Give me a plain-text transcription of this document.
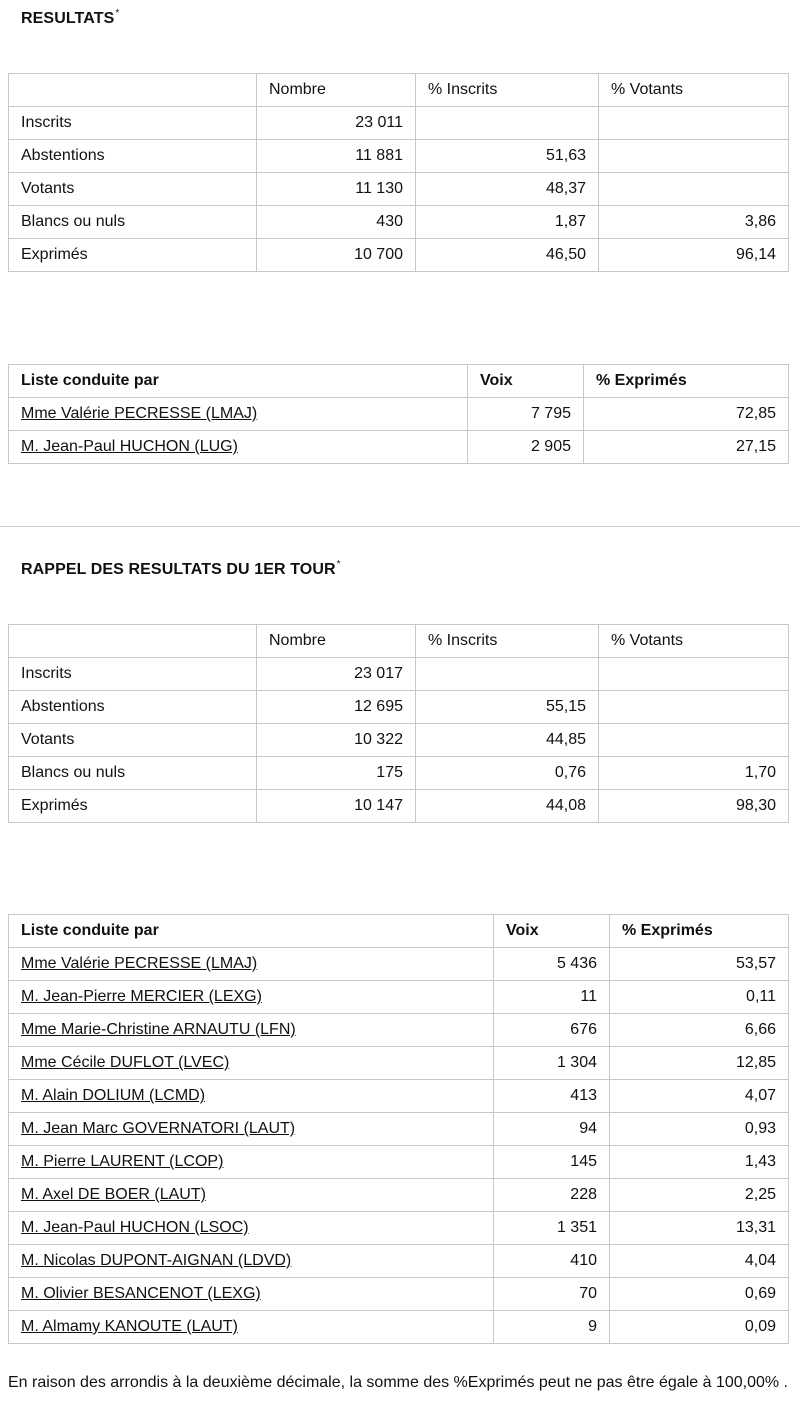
RESULTATS*
	Nombre	% Inscrits	% Votants
Inscrits	23 011		
Abstentions	11 881	51,63	
Votants	11 130	48,37	
Blancs ou nuls	430	1,87	3,86
Exprimés	10 700	46,50	96,14
Liste conduite par	Voix	% Exprimés
Mme Valérie PECRESSE (LMAJ)	7 795	72,85
M. Jean-Paul HUCHON (LUG)	2 905	27,15
RAPPEL DES RESULTATS DU 1ER TOUR*
	Nombre	% Inscrits	% Votants
Inscrits	23 017		
Abstentions	12 695	55,15	
Votants	10 322	44,85	
Blancs ou nuls	175	0,76	1,70
Exprimés	10 147	44,08	98,30
Liste conduite par	Voix	% Exprimés
Mme Valérie PECRESSE (LMAJ)	5 436	53,57
M. Jean-Pierre MERCIER (LEXG)	11	0,11
Mme Marie-Christine ARNAUTU (LFN)	676	6,66
Mme Cécile DUFLOT (LVEC)	1 304	12,85
M. Alain DOLIUM (LCMD)	413	4,07
M. Jean Marc GOVERNATORI (LAUT)	94	0,93
M. Pierre LAURENT (LCOP)	145	1,43
M. Axel DE BOER (LAUT)	228	2,25
M. Jean-Paul HUCHON (LSOC)	1 351	13,31
M. Nicolas DUPONT-AIGNAN (LDVD)	410	4,04
M. Olivier BESANCENOT (LEXG)	70	0,69
M. Almamy KANOUTE (LAUT)	9	0,09

En raison des arrondis à la deuxième décimale, la somme des %Exprimés peut ne pas être égale à 100,00% .
